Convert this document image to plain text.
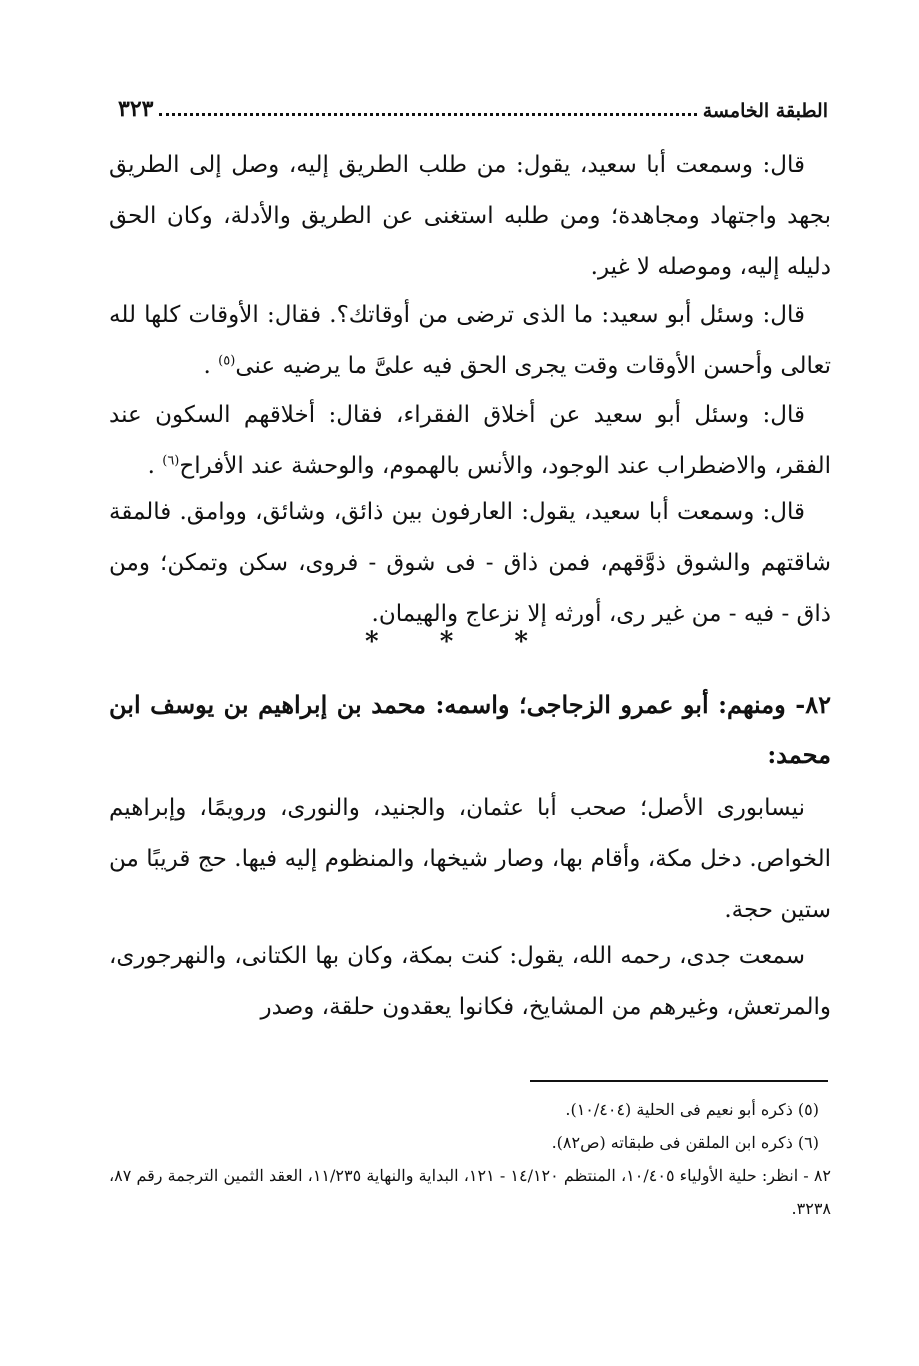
الطبقة الخامسة
٣٢٣

قال: وسمعت أبا سعيد، يقول: من طلب الطريق إليه، وصل إلى الطريق بجهد واجتهاد ومجاهدة؛ ومن طلبه استغنى عن الطريق والأدلة، وكان الحق دليله إليه، وموصله لا غير.

قال: وسئل أبو سعيد: ما الذى ترضى من أوقاتك؟. فقال: الأوقات كلها لله تعالى وأحسن الأوقات وقت يجرى الحق فيه علىَّ ما يرضيه عنى$^{(٥)}$ .

قال: وسئل أبو سعيد عن أخلاق الفقراء، فقال: أخلاقهم السكون عند الفقر، والاضطراب عند الوجود، والأنس بالهموم، والوحشة عند الأفراح$^{(٦)}$ .

قال: وسمعت أبا سعيد، يقول: العارفون بين ذائق، وشائق، ووامق. فالمقة شاقتهم والشوق ذوَّقهم، فمن ذاق - فى شوق - فروى، سكن وتمكن؛ ومن ذاق - فيه - من غير رى، أورثه إلا نزعاج والهيمان.

* * *

٨٢- ومنهم: أبو عمرو الزجاجى؛ واسمه: محمد بن إبراهيم بن يوسف ابن محمد:

نيسابورى الأصل؛ صحب أبا عثمان، والجنيد، والنورى، ورويمًا، وإبراهيم الخواص. دخل مكة، وأقام بها، وصار شيخها، والمنظوم إليه فيها. حج قريبًا من ستين حجة.

سمعت جدى، رحمه الله، يقول: كنت بمكة، وكان بها الكتانى، والنهرجورى، والمرتعش، وغيرهم من المشايخ، فكانوا يعقدون حلقة، وصدر

(٥) ذكره أبو نعيم فى الحلية (١٠/٤٠٤).
(٦) ذكره ابن الملقن فى طبقاته (ص٨٢).
٨٢ - انظر: حلية الأولياء ١٠/٤٠٥، المنتظم ١٤/١٢٠ - ١٢١، البداية والنهاية ١١/٢٣٥، العقد الثمين الترجمة رقم ٨٧، ٣٢٣٨.
